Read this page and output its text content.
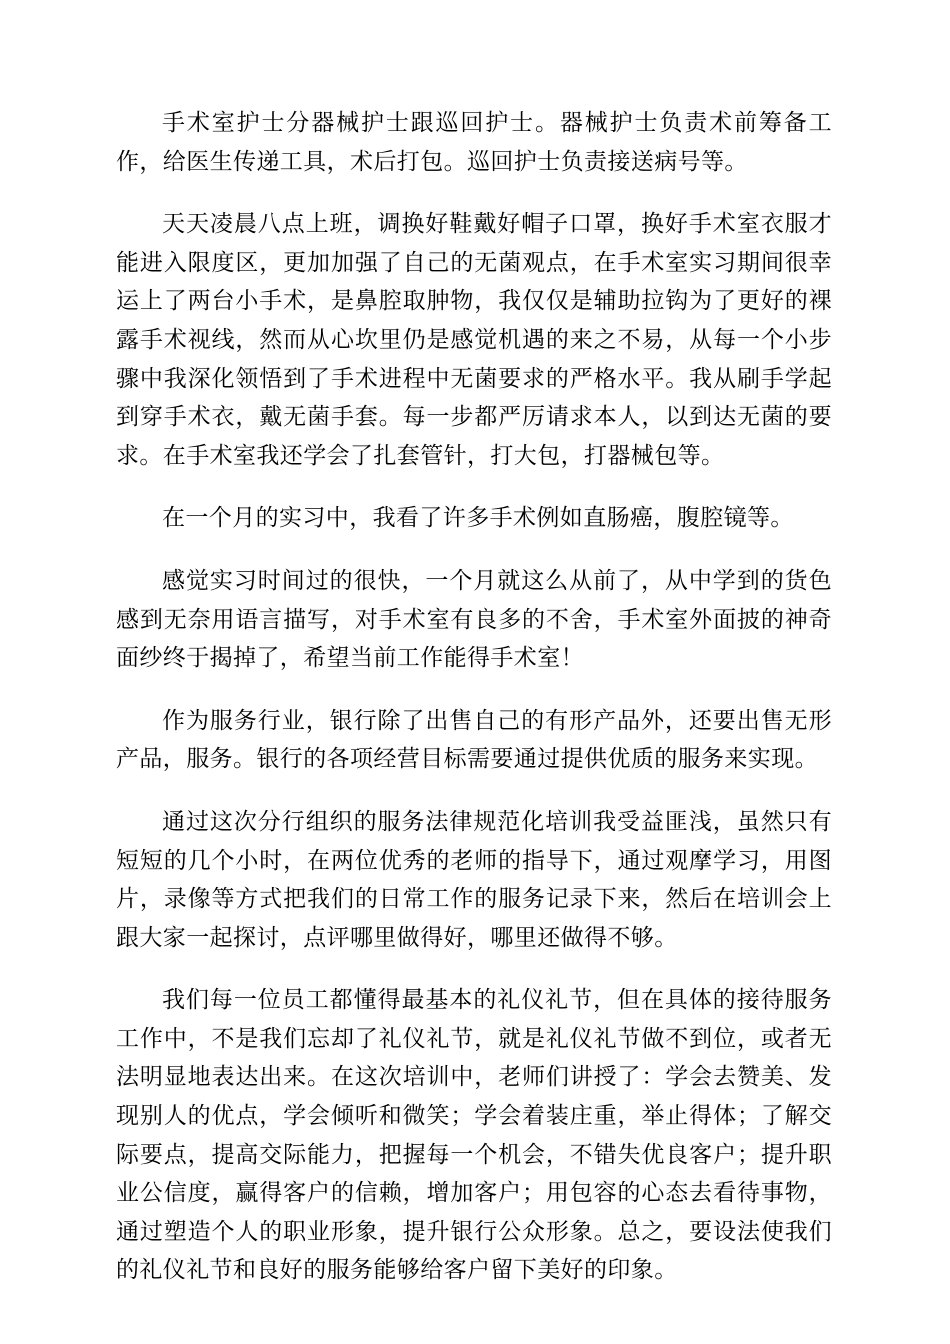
手术室护士分器械护士跟巡回护士。器械护士负责术前筹备工作，给医生传递工具，术后打包。巡回护士负责接送病号等。

天天凌晨八点上班，调换好鞋戴好帽子口罩，换好手术室衣服才能进入限度区，更加加强了自己的无菌观点，在手术室实习期间很幸运上了两台小手术，是鼻腔取肿物，我仅仅是辅助拉钩为了更好的裸露手术视线，然而从心坎里仍是感觉机遇的来之不易，从每一个小步骤中我深化领悟到了手术进程中无菌要求的严格水平。我从刷手学起到穿手术衣，戴无菌手套。每一步都严厉请求本人，以到达无菌的要求。在手术室我还学会了扎套管针，打大包，打器械包等。

在一个月的实习中，我看了许多手术例如直肠癌，腹腔镜等。

感觉实习时间过的很快，一个月就这么从前了，从中学到的货色感到无奈用语言描写，对手术室有良多的不舍，手术室外面披的神奇面纱终于揭掉了，希望当前工作能得手术室！

作为服务行业，银行除了出售自己的有形产品外，还要出售无形产品，服务。银行的各项经营目标需要通过提供优质的服务来实现。

通过这次分行组织的服务法律规范化培训我受益匪浅，虽然只有短短的几个小时，在两位优秀的老师的指导下，通过观摩学习，用图片，录像等方式把我们的日常工作的服务记录下来，然后在培训会上跟大家一起探讨，点评哪里做得好，哪里还做得不够。

我们每一位员工都懂得最基本的礼仪礼节，但在具体的接待服务工作中，不是我们忘却了礼仪礼节，就是礼仪礼节做不到位，或者无法明显地表达出来。在这次培训中，老师们讲授了：学会去赞美、发现别人的优点，学会倾听和微笑；学会着装庄重，举止得体；了解交际要点，提高交际能力，把握每一个机会，不错失优良客户；提升职业公信度，赢得客户的信赖，增加客户；用包容的心态去看待事物，通过塑造个人的职业形象，提升银行公众形象。总之，要设法使我们的礼仪礼节和良好的服务能够给客户留下美好的印象。
